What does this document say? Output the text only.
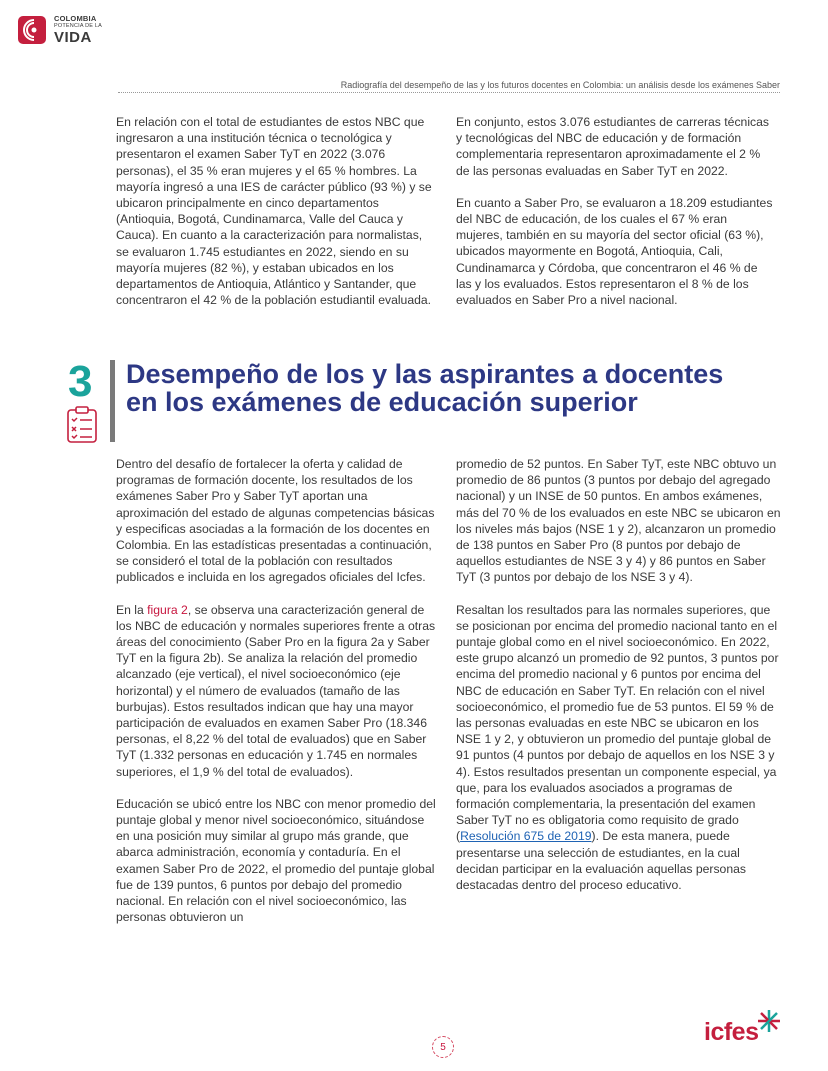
COLOMBIA
POTENCIA DE LA
VIDA
Radiografía del desempeño de las y los futuros docentes en Colombia: un análisis desde los exámenes Saber

En relación con el total de estudiantes de estos NBC que ingresaron a una institución técnica o tecnológica y presentaron el examen Saber TyT en 2022 (3.076 personas), el 35 % eran mujeres y el 65 % hombres. La mayoría ingresó a una IES de carácter público (93 %) y se ubicaron principalmente en cinco departamentos (Antioquia, Bogotá, Cundinamarca, Valle del Cauca y Cauca). En cuanto a la caracterización para normalistas, se evaluaron 1.745 estudiantes en 2022, siendo en su mayoría mujeres (82 %), y estaban ubicados en los departamentos de Antioquia, Atlántico y Santander, que concentraron el 42 % de la población estudiantil evaluada.

En conjunto, estos 3.076 estudiantes de carreras técnicas y tecnológicas del NBC de educación y de formación complementaria representaron aproximadamente el 2 % de las personas evaluadas en Saber TyT en 2022.

En cuanto a Saber Pro, se evaluaron a 18.209 estudiantes del NBC de educación, de los cuales el 67 % eran mujeres, también en su mayoría del sector oficial (63 %), ubicados mayormente en Bogotá, Antioquia, Cali, Cundinamarca y Córdoba, que concentraron el 46 % de las y los evaluados. Estos representaron el 8 % de los evaluados en Saber Pro a nivel nacional.

3 Desempeño de los y las aspirantes a docentes en los exámenes de educación superior

Dentro del desafío de fortalecer la oferta y calidad de programas de formación docente, los resultados de los exámenes Saber Pro y Saber TyT aportan una aproximación del estado de algunas competencias básicas y especificas asociadas a la formación de los docentes en Colombia. En las estadísticas presentadas a continuación, se consideró el total de la población con resultados publicados e incluida en los agregados oficiales del Icfes.

En la figura 2, se observa una caracterización general de los NBC de educación y normales superiores frente a otras áreas del conocimiento (Saber Pro en la figura 2a y Saber TyT en la figura 2b). Se analiza la relación del promedio alcanzado (eje vertical), el nivel socioeconómico (eje horizontal) y el número de evaluados (tamaño de las burbujas). Estos resultados indican que hay una mayor participación de evaluados en examen Saber Pro (18.346 personas, el 8,22 % del total de evaluados) que en Saber TyT (1.332 personas en educación y 1.745 en normales superiores, el 1,9 % del total de evaluados).

Educación se ubicó entre los NBC con menor promedio del puntaje global y menor nivel socioeconómico, situándose en una posición muy similar al grupo más grande, que abarca administración, economía y contaduría. En el examen Saber Pro de 2022, el promedio del puntaje global fue de 139 puntos, 6 puntos por debajo del promedio nacional. En relación con el nivel socioeconómico, las personas obtuvieron un

promedio de 52 puntos. En Saber TyT, este NBC obtuvo un promedio de 86 puntos (3 puntos por debajo del agregado nacional) y un INSE de 50 puntos. En ambos exámenes, más del 70 % de los evaluados en este NBC se ubicaron en los niveles más bajos (NSE 1 y 2), alcanzaron un promedio de 138 puntos en Saber Pro (8 puntos por debajo de aquellos estudiantes de NSE 3 y 4) y 86 puntos en Saber TyT (3 puntos por debajo de los NSE 3 y 4).

Resaltan los resultados para las normales superiores, que se posicionan por encima del promedio nacional tanto en el puntaje global como en el nivel socioeconómico. En 2022, este grupo alcanzó un promedio de 92 puntos, 3 puntos por encima del promedio nacional y 6 puntos por encima del NBC de educación en Saber TyT. En relación con el nivel socioeconómico, el promedio fue de 53 puntos. El 59 % de las personas evaluadas en este NBC se ubicaron en los NSE 1 y 2, y obtuvieron un promedio del puntaje global de 91 puntos (4 puntos por debajo de aquellos en los NSE 3 y 4). Estos resultados presentan un componente especial, ya que, para los evaluados asociados a programas de formación complementaria, la presentación del examen Saber TyT no es obligatoria como requisito de grado (Resolución 675 de 2019). De esta manera, puede presentarse una selección de estudiantes, en la cual decidan participar en la evaluación aquellas personas destacadas dentro del proceso educativo.

5
icfes
